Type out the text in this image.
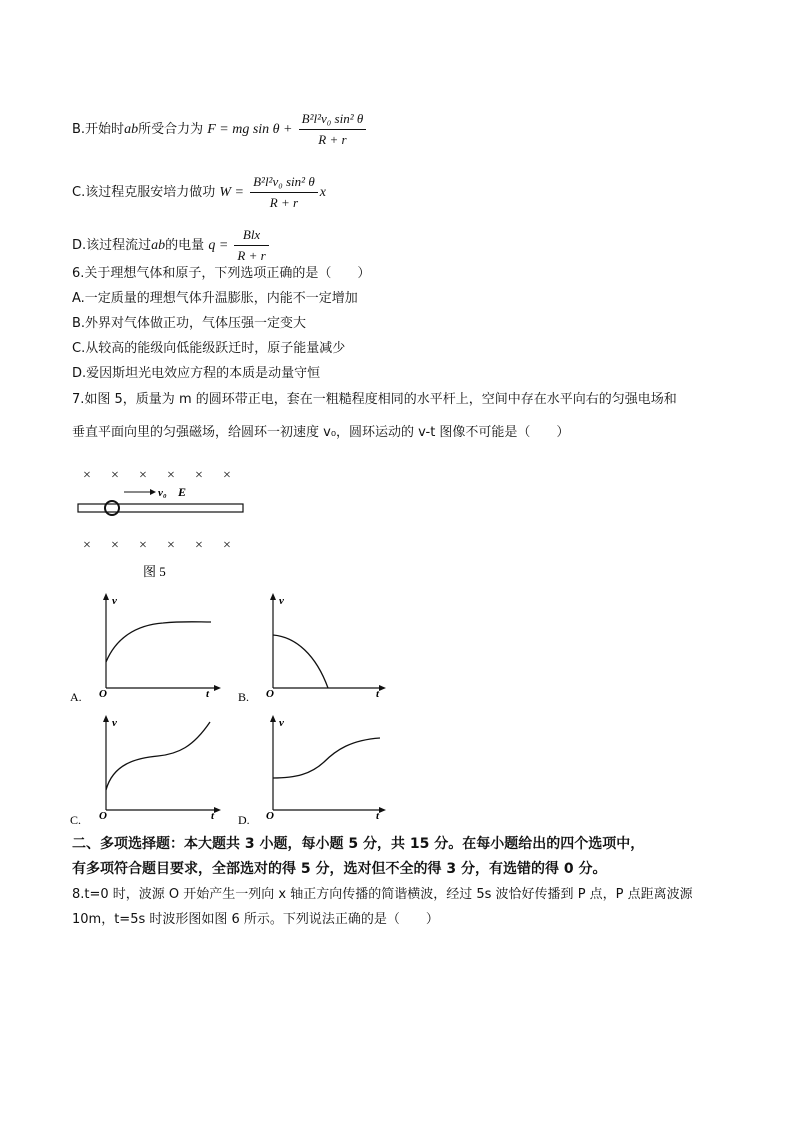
B.开始时ab所受合力为 F = mg $\sin \theta + \frac{\text{B²l²v₀ sin² θ}}{R + r}$
C.该过程克服安培力做功 $W = \frac{\text{B²l²v₀ sin² θ}}{R + r}$ x
D.该过程流过ab的电量 $q = \frac{\text{Blx}}{R + r}$
6.关于理想气体和原子，下列选项正确的是（　　）
A.一定质量的理想气体升温膨胀，内能不一定增加
B.外界对气体做正功，气体压强一定变大
C.从较高的能级向低能级跃迁时，原子能量减少
D.爱因斯坦光电效应方程的本质是动量守恒
7.如图 5，质量为 m 的圆环带正电，套在一粗糙程度相同的水平杆上，空间中存在水平向右的匀强电场和
垂直平面向里的匀强磁场，给圆环一初速度 v₀，圆环运动的 v-t 图像不可能是（　　）
× × × × × ×
v₀ E
× × × × × ×
图 5
A.
v
O	t B.
v
O	t
C.
v
O	t D.
v
O	t
二、多项选择题：本大题共 3 小题，每小题 5 分，共 15 分。在每小题给出的四个选项中，
有多项符合题目要求，全部选对的得 5 分，选对但不全的得 3 分，有选错的得 0 分。
8.t=0 时，波源 O 开始产生一列向 x 轴正方向传播的简谐横波，经过 5s 波恰好传播到 P 点，P 点距离波源
10m，t=5s 时波形图如图 6 所示。下列说法正确的是（　　）
